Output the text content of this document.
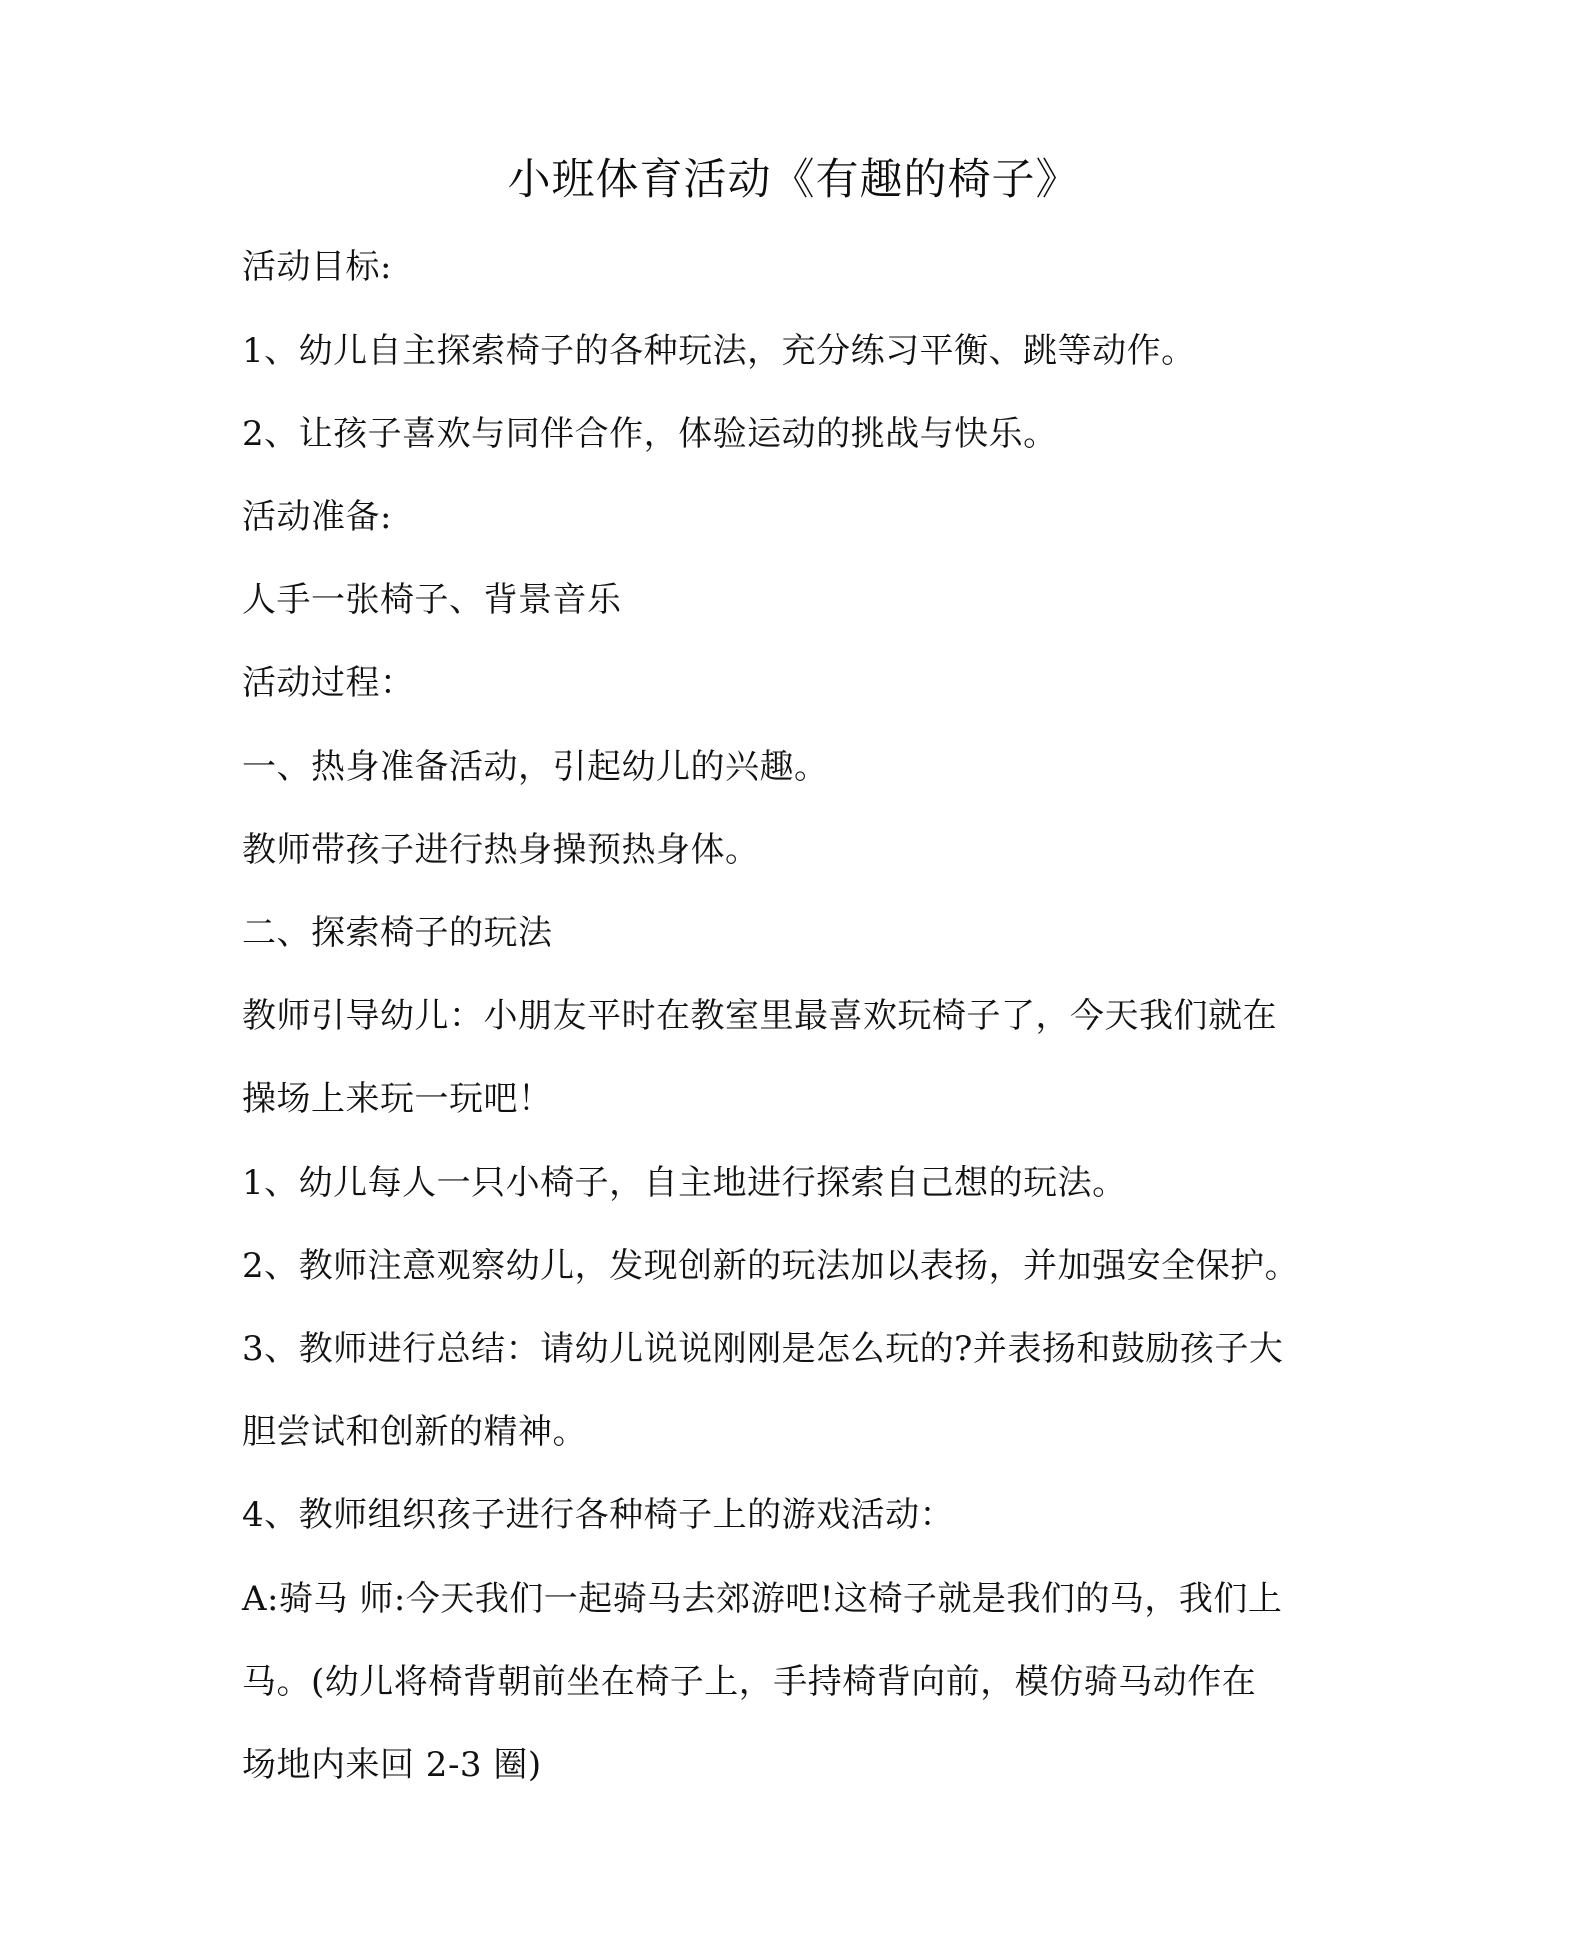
小班体育活动《有趣的椅子》
活动目标:
1、幼儿自主探索椅子的各种玩法，充分练习平衡、跳等动作。
2、让孩子喜欢与同伴合作，体验运动的挑战与快乐。
活动准备:
人手一张椅子、背景音乐
活动过程：
一、热身准备活动，引起幼儿的兴趣。
教师带孩子进行热身操预热身体。
二、探索椅子的玩法
教师引导幼儿：小朋友平时在教室里最喜欢玩椅子了，今天我们就在
操场上来玩一玩吧！
1、幼儿每人一只小椅子，自主地进行探索自己想的玩法。
2、教师注意观察幼儿，发现创新的玩法加以表扬，并加强安全保护。
3、教师进行总结：请幼儿说说刚刚是怎么玩的?并表扬和鼓励孩子大
胆尝试和创新的精神。
4、教师组织孩子进行各种椅子上的游戏活动：
A:骑马 师:今天我们一起骑马去郊游吧!这椅子就是我们的马，我们上
马。(幼儿将椅背朝前坐在椅子上，手持椅背向前，模仿骑马动作在
场地内来回 2-3 圈)
